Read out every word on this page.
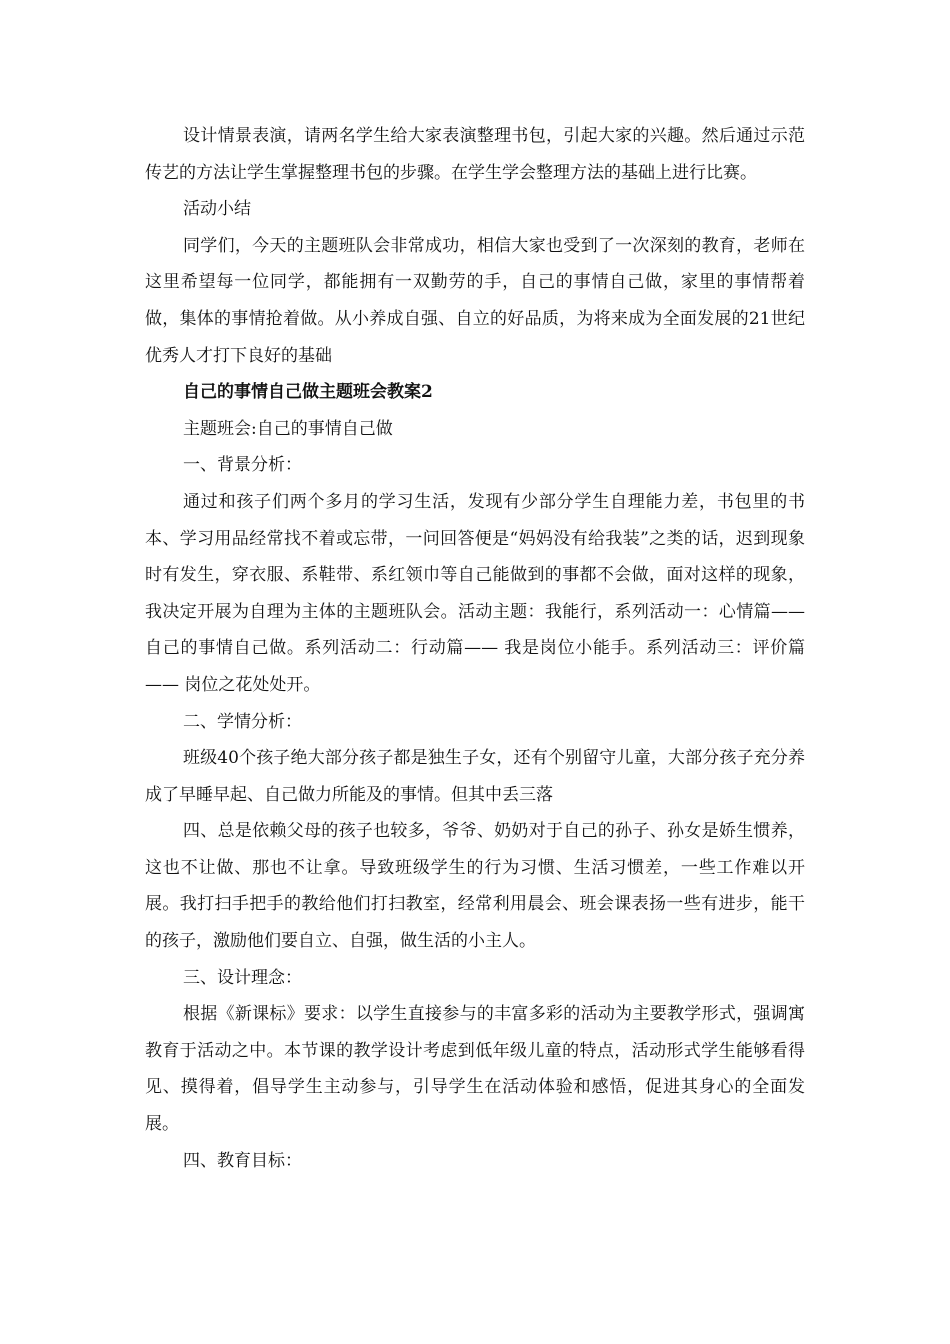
设计情景表演，请两名学生给大家表演整理书包，引起大家的兴趣。然后通过示范传艺的方法让学生掌握整理书包的步骤。在学生学会整理方法的基础上进行比赛。

活动小结

同学们，今天的主题班队会非常成功，相信大家也受到了一次深刻的教育，老师在这里希望每一位同学，都能拥有一双勤劳的手，自己的事情自己做，家里的事情帮着做，集体的事情抢着做。从小养成自强、自立的好品质，为将来成为全面发展的21世纪优秀人才打下良好的基础

自己的事情自己做主题班会教案2

主题班会:自己的事情自己做

一、背景分析：

通过和孩子们两个多月的学习生活，发现有少部分学生自理能力差，书包里的书本、学习用品经常找不着或忘带，一问回答便是“妈妈没有给我装”之类的话，迟到现象时有发生，穿衣服、系鞋带、系红领巾等自己能做到的事都不会做，面对这样的现象，我决定开展为自理为主体的主题班队会。活动主题：我能行，系列活动一：心情篇—— 自己的事情自己做。系列活动二：行动篇—— 我是岗位小能手。系列活动三：评价篇—— 岗位之花处处开。

二、学情分析：

班级40个孩子绝大部分孩子都是独生子女，还有个别留守儿童，大部分孩子充分养成了早睡早起、自己做力所能及的事情。但其中丢三落

四、总是依赖父母的孩子也较多，爷爷、奶奶对于自己的孙子、孙女是娇生惯养，这也不让做、那也不让拿。导致班级学生的行为习惯、生活习惯差，一些工作难以开展。我打扫手把手的教给他们打扫教室，经常利用晨会、班会课表扬一些有进步，能干的孩子，激励他们要自立、自强，做生活的小主人。

三、设计理念：

根据《新课标》要求：以学生直接参与的丰富多彩的活动为主要教学形式，强调寓教育于活动之中。本节课的教学设计考虑到低年级儿童的特点，活动形式学生能够看得见、摸得着，倡导学生主动参与，引导学生在活动体验和感悟，促进其身心的全面发展。

四、教育目标：
